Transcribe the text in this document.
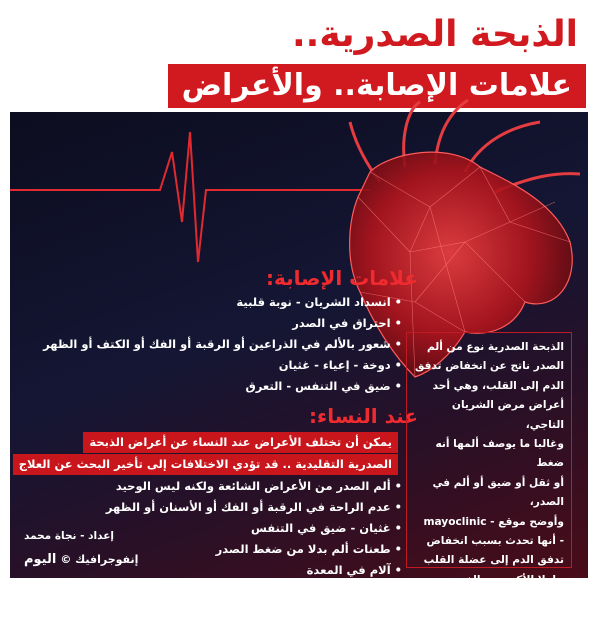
الذبحة الصدرية..
علامات الإصابة.. والأعراض
علامات الإصابة:
• انسداد الشريان - نوبة قلبية
• احتراق في الصدر
• شعور بالألم في الذراعين أو الرقبة أو الفك أو الكتف أو الظهر
• دوخة - إعياء - غثيان
• ضيق في التنفس - التعرق
عند النساء:
يمكن أن تختلف الأعراض عند النساء عن أعراض الذبحة
الصدرية التقليدية .. قد تؤدي الاختلافات إلى تأخير البحث عن العلاج
• ألم الصدر من الأعراض الشائعة ولكنه ليس الوحيد
• عدم الراحة في الرقبة أو الفك أو الأسنان أو الظهر
• غثيان - ضيق في التنفس
• طعنات ألم بدلا من ضغط الصدر
• آلام في المعدة
الذبحة الصدرية نوع من ألم
الصدر ناتج عن انخفاض تدفق
الدم إلى القلب، وهي أحد
أعراض مرض الشريان التاجي،
وغالبا ما يوصف ألمها أنه ضغط
أو ثقل أو ضيق أو ألم في الصدر،
وأوضح موقع - mayoclinic
- أنها تحدث بسبب انخفاض
تدفق الدم إلى عضلة القلب
حاملا الأكسجين الذي
تحتاجه، وتسبب حالة تسمى
نقص التروية.
إعداد - نجاة محمد
إنفوجرافيك ©
اليوم
